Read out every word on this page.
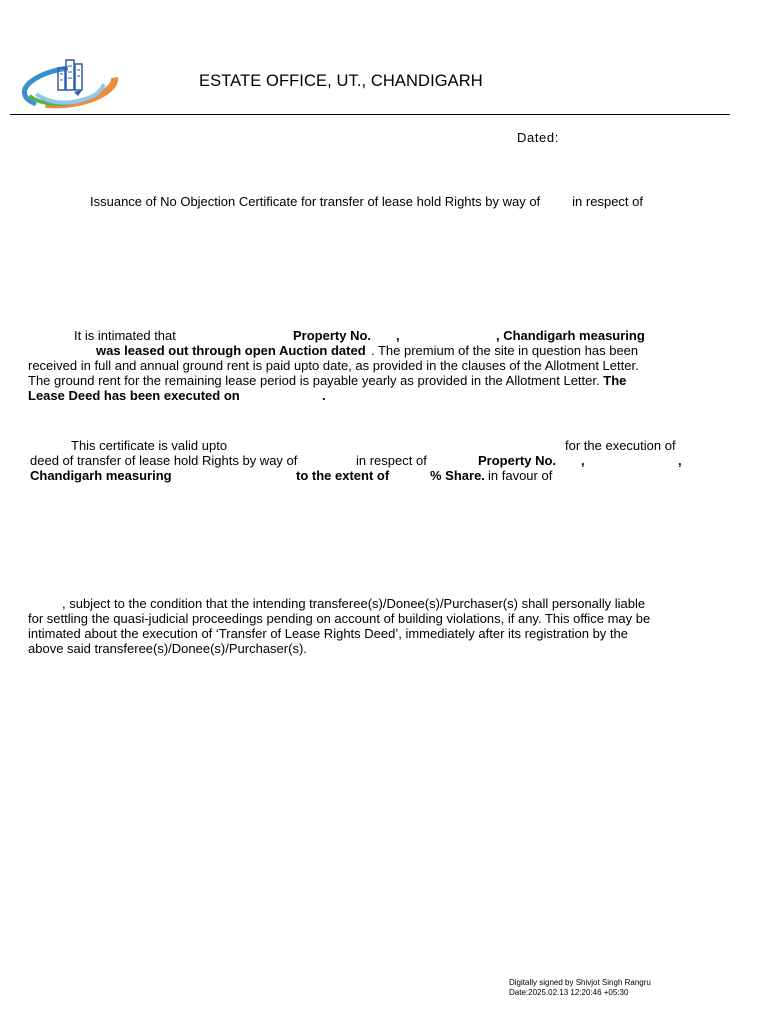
ESTATE OFFICE, UT., CHANDIGARH
Dated:
Issuance of No Objection Certificate for transfer of lease hold Rights by way of in respect of
It is intimated that	Property No. ,	, Chandigarh measuring
was leased out through open Auction dated . The premium of the site in question has been
received in full and annual ground rent is paid upto date, as provided in the clauses of the Allotment Letter.
The ground rent for the remaining lease period is payable yearly as provided in the Allotment Letter. The
Lease Deed has been executed on	.
This certificate is valid upto	for the execution of
deed of transfer of lease hold Rights by way of	in respect of	Property No. ,	,
Chandigarh measuring	to the extent of	% Share. in favour of
, subject to the condition that the intending transferee(s)/Donee(s)/Purchaser(s) shall personally liable
for settling the quasi-judicial proceedings pending on account of building violations, if any. This office may be
intimated about the execution of ‘Transfer of Lease Rights Deed’, immediately after its registration by the
above said transferee(s)/Donee(s)/Purchaser(s).
Digitally signed by Shivjot Singh Rangru
Date:2025.02.13 12:20:46 +05:30
